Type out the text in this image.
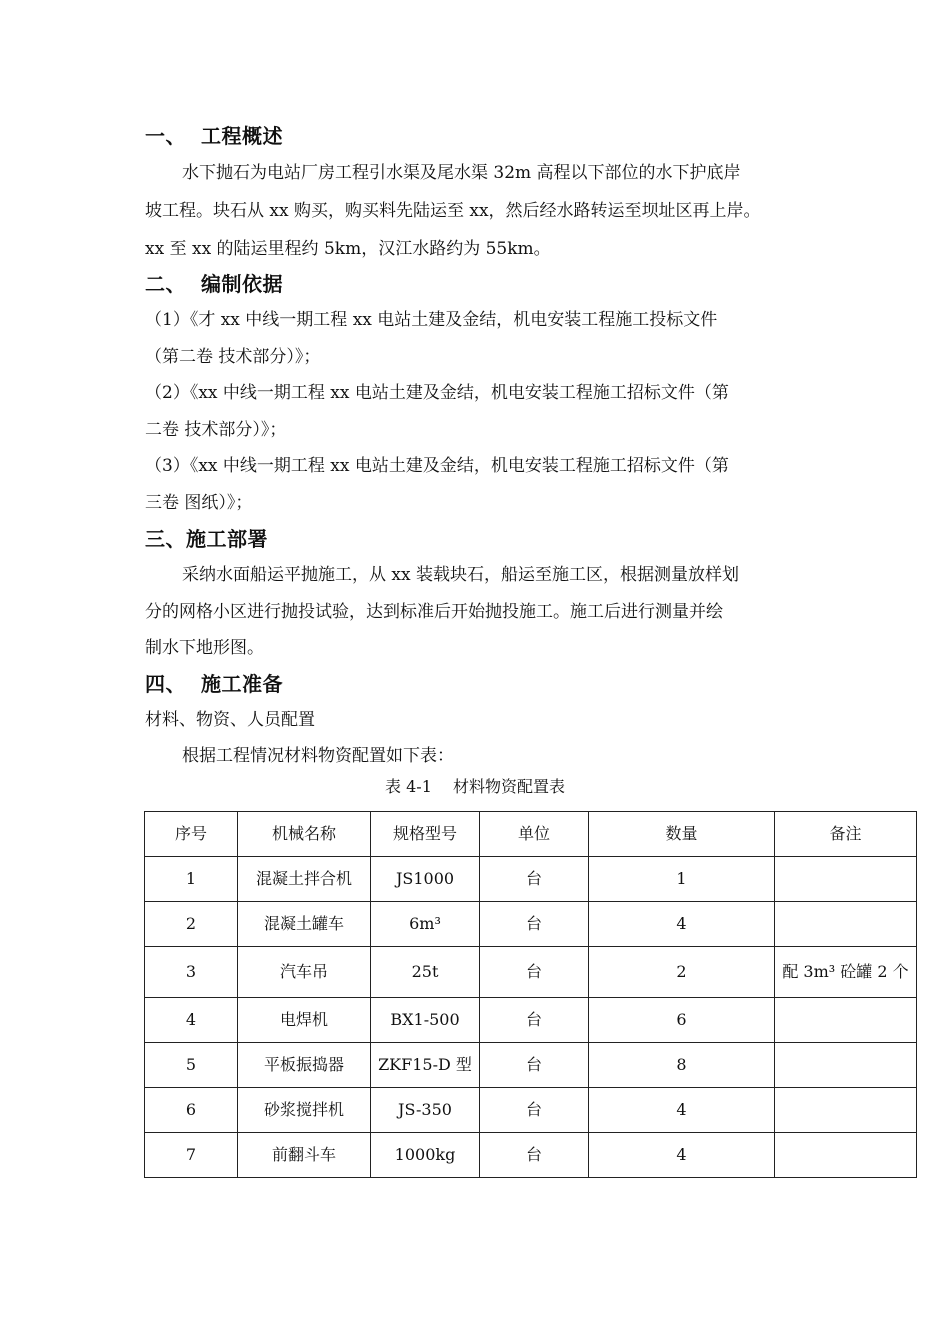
一、 工程概述

水下抛石为电站厂房工程引水渠及尾水渠 32m 高程以下部位的水下护底岸

坡工程。块石从 xx 购买，购买料先陆运至 xx，然后经水路转运至坝址区再上岸。

xx 至 xx 的陆运里程约 5km，汉江水路约为 55km。

二、 编制依据

（1）《才 xx 中线一期工程 xx 电站土建及金结，机电安装工程施工投标文件

（第二卷 技术部分）》；

（2）《xx 中线一期工程 xx 电站土建及金结，机电安装工程施工招标文件（第

二卷 技术部分）》；

（3）《xx 中线一期工程 xx 电站土建及金结，机电安装工程施工招标文件（第

三卷 图纸）》；

三、施工部署

采纳水面船运平抛施工，从 xx 装载块石，船运至施工区，根据测量放样划

分的网格小区进行抛投试验，达到标准后开始抛投施工。施工后进行测量并绘

制水下地形图。

四、 施工准备

材料、物资、人员配置

根据工程情况材料物资配置如下表：

表 4-1　 材料物资配置表

序号	机械名称	规格型号	单位	数量	备注
1	混凝土拌合机	JS1000	台	1	
2	混凝土罐车	6m³	台	4	
3	汽车吊	25t	台	2	配 3m³ 砼罐 2 个
4	电焊机	BX1-500	台	6	
5	平板振捣器	ZKF15-D 型	台	8	
6	砂浆搅拌机	JS-350	台	4	
7	前翻斗车	1000kg	台	4	
